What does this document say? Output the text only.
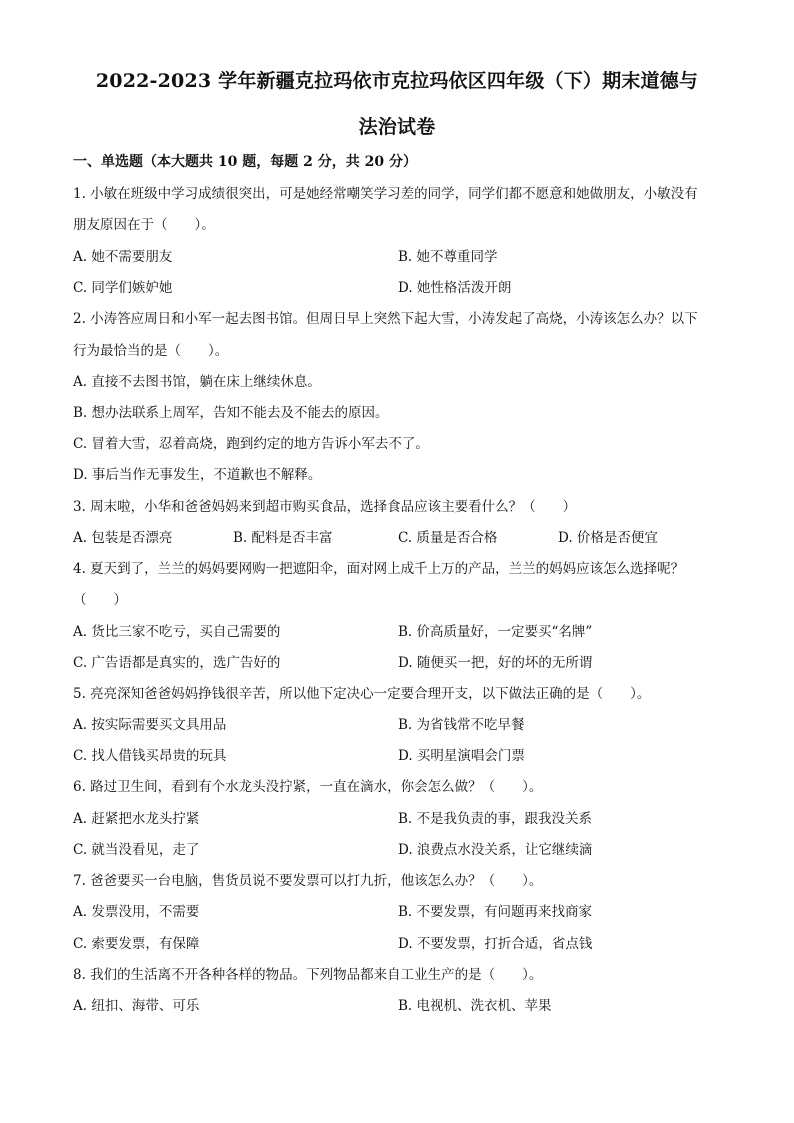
2022-2023 学年新疆克拉玛依市克拉玛依区四年级（下）期末道德与
法治试卷
一、单选题（本大题共 10 题，每题 2 分，共 20 分）
1. 小敏在班级中学习成绩很突出，可是她经常嘲笑学习差的同学，同学们都不愿意和她做朋友，小敏没有
朋友原因在于（　　）。
A. 她不需要朋友	B. 她不尊重同学
C. 同学们嫉妒她	D. 她性格活泼开朗
2. 小涛答应周日和小军一起去图书馆。但周日早上突然下起大雪，小涛发起了高烧，小涛该怎么办？以下
行为最恰当的是（　　）。
A. 直接不去图书馆，躺在床上继续休息。
B. 想办法联系上周军，告知不能去及不能去的原因。
C. 冒着大雪，忍着高烧，跑到约定的地方告诉小军去不了。
D. 事后当作无事发生，不道歉也不解释。
3. 周末啦，小华和爸爸妈妈来到超市购买食品，选择食品应该主要看什么？（　　）
A. 包装是否漂亮	B. 配料是否丰富	C. 质量是否合格	D. 价格是否便宜
4. 夏天到了，兰兰的妈妈要网购一把遮阳伞，面对网上成千上万的产品，兰兰的妈妈应该怎么选择呢？
（　　）
A. 货比三家不吃亏，买自己需要的	B. 价高质量好，一定要买“名牌”
C. 广告语都是真实的，选广告好的	D. 随便买一把，好的坏的无所谓
5. 亮亮深知爸爸妈妈挣钱很辛苦，所以他下定决心一定要合理开支，以下做法正确的是（　　）。
A. 按实际需要买文具用品	B. 为省钱常不吃早餐
C. 找人借钱买昂贵的玩具	D. 买明星演唱会门票
6. 路过卫生间，看到有个水龙头没拧紧，一直在滴水，你会怎么做？（　　）。
A. 赶紧把水龙头拧紧	B. 不是我负责的事，跟我没关系
C. 就当没看见，走了	D. 浪费点水没关系，让它继续滴
7. 爸爸要买一台电脑，售货员说不要发票可以打九折，他该怎么办？（　　）。
A. 发票没用，不需要	B. 不要发票，有问题再来找商家
C. 索要发票，有保障	D. 不要发票，打折合适，省点钱
8. 我们的生活离不开各种各样的物品。下列物品都来自工业生产的是（　　）。
A. 纽扣、海带、可乐	B. 电视机、洗衣机、苹果
